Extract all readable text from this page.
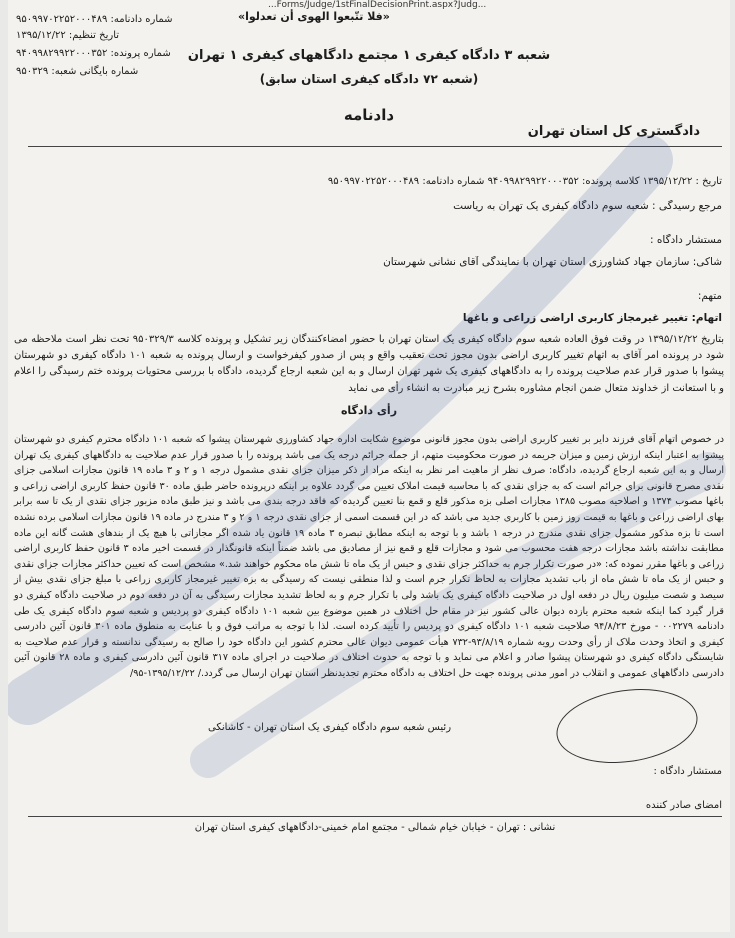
...Forms/Judge/1stFinalDecisionPrint.aspx?Judg...
«فلا تتّبعوا الهوی أن تعدلوا»
شماره دادنامه: ۹۵۰۹۹۷۰۲۲۵۲۰۰۰۴۸۹
تاریخ تنظیم: ۱۳۹۵/۱۲/۲۲
شماره پرونده: ۹۴۰۹۹۸۲۹۹۲۲۰۰۰۳۵۲
شماره بایگانی شعبه: ۹۵۰۳۲۹
شعبه ۳ دادگاه کیفری ۱ مجتمع دادگاههای کیفری ۱ تهران
(شعبه ۷۲ دادگاه کیفری استان سابق)
دادنامه
دادگستری کل استان تهران
تاریخ : ۱۳۹۵/۱۲/۲۲ کلاسه پرونده: ۹۴۰۹۹۸۲۹۹۲۲۰۰۰۳۵۲ شماره دادنامه: ۹۵۰۹۹۷۰۲۲۵۲۰۰۰۴۸۹
مرجع رسیدگی : شعبه سوم دادگاه کیفری یک تهران به ریاست
مستشار دادگاه :
شاکی: سازمان جهاد کشاورزی استان تهران با نمایندگی آقای نشانی شهرستان
متهم:
اتهام: تغییر غیرمجاز کاربری اراضی زراعی و باغها
بتاریخ ۱۳۹۵/۱۲/۲۲ در وقت فوق العاده شعبه سوم دادگاه کیفری یک استان تهران با حضور امضاء‌کنندگان زیر تشکیل و پرونده کلاسه ۹۵۰۳۲۹/۳ تحت نظر است ملاحظه می شود در پرونده امر آقای به اتهام تغییر کاربری اراضی بدون مجوز تحت تعقیب واقع و پس از صدور کیفرخواست و ارسال پرونده به شعبه ۱۰۱ دادگاه کیفری دو شهرستان پیشوا با صدور قرار عدم صلاحیت پرونده را به دادگاههای کیفری یک شهر تهران ارسال و به این شعبه ارجاع گردیده، دادگاه با بررسی محتویات پرونده ختم رسیدگی را اعلام و با استعانت از خداوند متعال ضمن انجام مشاوره بشرح زیر مبادرت به انشاء رأی می نماید
رأی دادگاه
در خصوص اتهام آقای فرزند دایر بر تغییر کاربری اراضی بدون مجوز قانونی موضوع شکایت اداره جهاد کشاورزی شهرستان پیشوا که شعبه ۱۰۱ دادگاه محترم کیفری دو شهرستان پیشوا به اعتبار اینکه ارزش زمین و میزان جریمه در صورت محکومیت متهم، از جمله جرائم درجه یک می باشد پرونده را با صدور قرار عدم صلاحیت به دادگاههای کیفری یک تهران ارسال و به این شعبه ارجاع گردیده، دادگاه: صرف نظر از ماهیت امر نظر به اینکه مراد از ذکر میزان جزای نقدی مشمول درجه ۱ و ۲ و ۳ ماده ۱۹ قانون مجازات اسلامی جزای نقدی مصرح قانونی برای جرائم است که به جزای نقدی که با محاسبه قیمت املاک تعیین می گردد علاوه بر اینکه درپرونده حاضر طبق ماده ۳۰ قانون حفظ کاربری اراضی زراعی و باغها مصوب ۱۳۷۴ و اصلاحیه مصوب ۱۳۸۵ مجازات اصلی بزه مذکور قلع و قمع بنا تعیین گردیده که فاقد درجه بندی می باشد و نیز طبق ماده مزبور جزای نقدی از یک تا سه برابر بهای اراضی زراعی و باغها به قیمت روز زمین با کاربری جدید می باشد که در این قسمت اسمی از جزای نقدی درجه ۱ و ۲ و ۳ مندرج در ماده ۱۹ قانون مجازات اسلامی برده نشده است تا بزه مذکور مشمول جزای نقدی مندرج در درجه ۱ باشد و با توجه به اینکه مطابق تبصره ۳ ماده ۱۹ قانون یاد شده اگر مجازاتی با هیچ یک از بندهای هشت گانه این ماده مطابقت نداشته باشد مجازات درجه هفت محسوب می شود و مجازات قلع و قمع نیز از مصادیق می باشد ضمناً اینکه قانونگذار در قسمت اخیر ماده ۳ قانون حفظ کاربری اراضی زراعی و باغها مقرر نموده که: «در صورت تکرار جرم به حداکثر جزای نقدی و حبس از یک ماه تا شش ماه محکوم خواهند شد.» مشخص است که تعیین حداکثر مجازات جزای نقدی و حبس از یک ماه تا شش ماه از باب تشدید مجازات به لحاظ تکرار جرم است و لذا منطقی نیست که رسیدگی به بزه تغییر غیرمجاز کاربری زراعی با مبلغ جزای نقدی بیش از سیصد و شصت میلیون ریال در دفعه اول در صلاحیت دادگاه کیفری یک باشد ولی با تکرار جرم و به لحاظ تشدید مجازات رسیدگی به آن در دفعه دوم در صلاحیت دادگاه کیفری دو قرار گیرد کما اینکه شعبه محترم یازده دیوان عالی کشور نیز در مقام حل اختلاف در همین موضوع بین شعبه ۱۰۱ دادگاه کیفری دو پردیس و شعبه سوم دادگاه کیفری یک طی دادنامه ۰۰۲۲۷۹ - مورخ ۹۴/۸/۲۳ صلاحیت شعبه ۱۰۱ دادگاه کیفری دو پردیس را تأیید کرده است. لذا با توجه به مراتب فوق و با عنایت به منطوق ماده ۳۰۱ قانون آئین دادرسی کیفری و اتخاذ وحدت ملاک از رأی وحدت رویه شماره ۹۳/۸/۱۹-۷۳۲ هیأت عمومی دیوان عالی محترم کشور این دادگاه خود را صالح به رسیدگی ندانسته و قرار عدم صلاحیت به شایستگی دادگاه کیفری دو شهرستان پیشوا صادر و اعلام می نماید و با توجه به حدوث اختلاف در صلاحیت در اجرای ماده ۳۱۷ قانون آئین دادرسی کیفری و ماده ۲۸ قانون آئین دادرسی دادگاههای عمومی و انقلاب در امور مدنی پرونده جهت حل اختلاف به دادگاه محترم تجدیدنظر استان تهران ارسال می گردد./ ۱۳۹۵/۱۲/۲۲-۹۵/
رئیس شعبه سوم دادگاه کیفری یک استان تهران - کاشانکی
مستشار دادگاه :
امضای صادر کننده
نشانی : تهران - خیابان خیام شمالی - مجتمع امام خمینی-دادگاههای کیفری استان تهران
